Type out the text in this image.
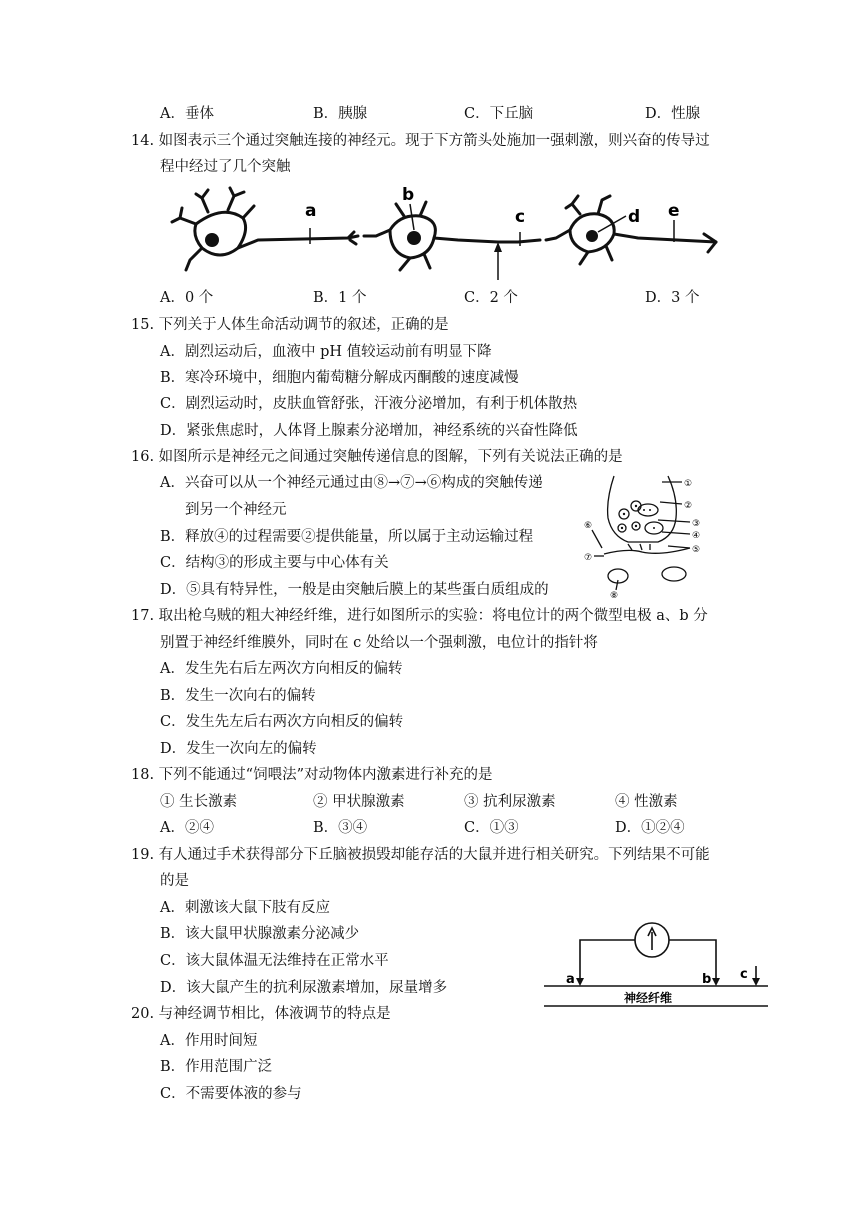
A．垂体	B．胰腺	C．下丘脑	D．性腺
14. 如图表示三个通过突触连接的神经元。现于下方箭头处施加一强刺激，则兴奋的传导过
程中经过了几个突触
a
b
c	d e
A．0 个	B．1 个	C．2 个	D．3 个
15. 下列关于人体生命活动调节的叙述，正确的是
A．剧烈运动后，血液中 pH 值较运动前有明显下降
B．寒冷环境中，细胞内葡萄糖分解成丙酮酸的速度减慢
C．剧烈运动时，皮肤血管舒张，汗液分泌增加，有利于机体散热
D．紧张焦虑时，人体肾上腺素分泌增加，神经系统的兴奋性降低
16. 如图所示是神经元之间通过突触传递信息的图解，下列有关说法正确的是
A．兴奋可以从一个神经元通过由⑧→⑦→⑥构成的突触传递
到另一个神经元
B．释放④的过程需要②提供能量，所以属于主动运输过程
C．结构③的形成主要与中心体有关
D．⑤具有特异性，一般是由突触后膜上的某些蛋白质组成的
①
②
③
④
⑤
⑥
⑦
⑧
17. 取出枪乌贼的粗大神经纤维，进行如图所示的实验：将电位计的两个微型电极 a、b 分
别置于神经纤维膜外，同时在 c 处给以一个强刺激，电位计的指针将
A．发生先右后左两次方向相反的偏转
B．发生一次向右的偏转
C．发生先左后右两次方向相反的偏转
D．发生一次向左的偏转
18. 下列不能通过“饲喂法”对动物体内激素进行补充的是
① 生长激素	② 甲状腺激素	③ 抗利尿激素	④ 性激素
A．②④	B．③④	C．①③	D．①②④
19. 有人通过手术获得部分下丘脑被损毁却能存活的大鼠并进行相关研究。下列结果不可能
的是
A．刺激该大鼠下肢有反应
B．该大鼠甲状腺激素分泌减少
C．该大鼠体温无法维持在正常水平
D．该大鼠产生的抗利尿激素增加，尿量增多
a	b c
神经纤维
20. 与神经调节相比，体液调节的特点是
A．作用时间短
B．作用范围广泛
C．不需要体液的参与
